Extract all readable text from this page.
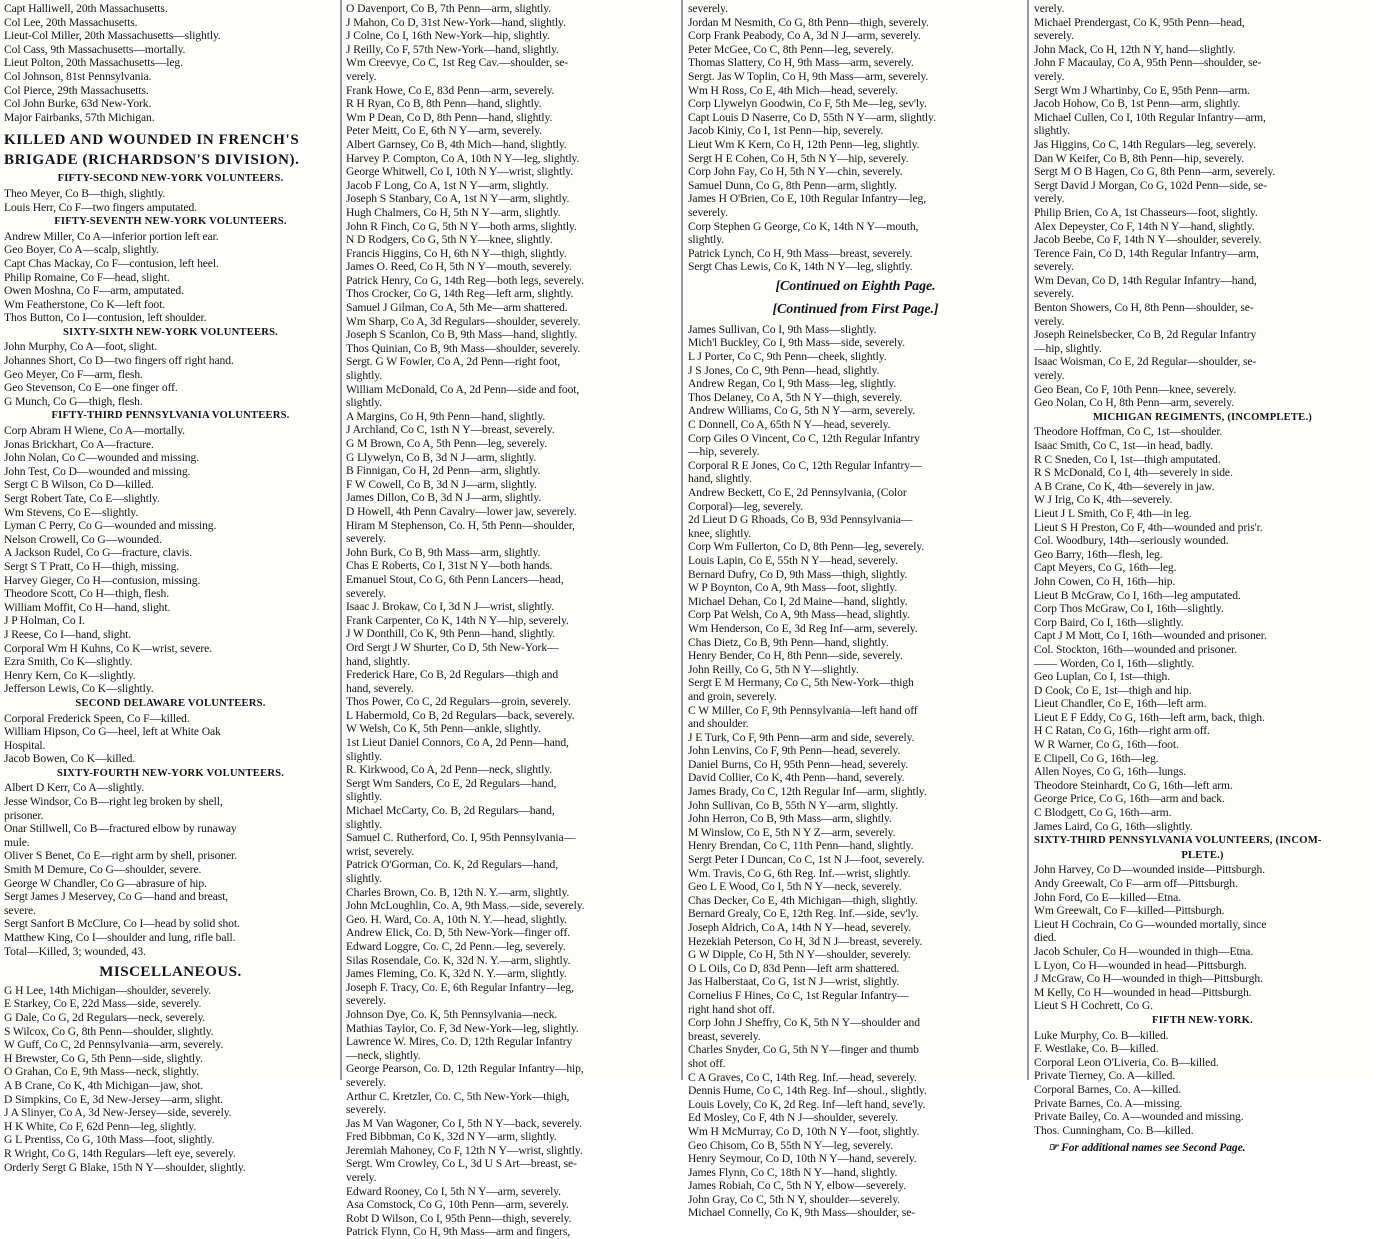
Capt Halliwell, 20th Massachusetts.
Col Lee, 20th Massachusetts.
Lieut-Col Miller, 20th Massachusetts—slightly.
Col Cass, 9th Massachusetts—mortally.
Lieut Polton, 20th Massachusetts—leg.
Col Johnson, 81st Pennsylvania.
Col Pierce, 29th Massachusetts.
Col John Burke, 63d New-York.
Major Fairbanks, 57th Michigan.
KILLED AND WOUNDED IN FRENCH'S
BRIGADE (RICHARDSON'S DIVISION).
FIFTY-SECOND NEW-YORK VOLUNTEERS.
Theo Meyer, Co B—thigh, slightly.
Louis Herr, Co F—two fingers amputated.
FIFTY-SEVENTH NEW-YORK VOLUNTEERS.
Andrew Miller, Co A—inferior portion left ear.
Geo Boyer, Co A—scalp, slightly.
Capt Chas Mackay, Co F—contusion, left heel.
Philip Romaine, Co F—head, slight.
Owen Moshna, Co F—arm, amputated.
Wm Featherstone, Co K—left foot.
Thos Button, Co I—contusion, left shoulder.
SIXTY-SIXTH NEW-YORK VOLUNTEERS.
John Murphy, Co A—foot, slight.
Johannes Short, Co D—two fingers off right hand.
Geo Meyer, Co F—arm, flesh.
Geo Stevenson, Co E—one finger off.
G Munch, Co G—thigh, flesh.
FIFTY-THIRD PENNSYLVANIA VOLUNTEERS.
Corp Abram H Wiene, Co A—mortally.
Jonas Brickhart, Co A—fracture.
John Nolan, Co C—wounded and missing.
John Test, Co D—wounded and missing.
Sergt C B Wilson, Co D—killed.
Sergt Robert Tate, Co E—slightly.
Wm Stevens, Co E—slightly.
Lyman C Perry, Co G—wounded and missing.
Nelson Crowell, Co G—wounded.
A Jackson Rudel, Co G—fracture, clavis.
Sergt S T Pratt, Co H—thigh, missing.
Harvey Gieger, Co H—contusion, missing.
Theodore Scott, Co H—thigh, flesh.
William Moffit, Co H—hand, slight.
J P Holman, Co I.
J Reese, Co I—hand, slight.
Corporal Wm H Kuhns, Co K—wrist, severe.
Ezra Smith, Co K—slightly.
Henry Kern, Co K—slightly.
Jefferson Lewis, Co K—slightly.
SECOND DELAWARE VOLUNTEERS.
Corporal Frederick Speen, Co F—killed.
William Hipson, Co G—heel, left at White Oak
Hospital.
Jacob Bowen, Co K—killed.
SIXTY-FOURTH NEW-YORK VOLUNTEERS.
Albert D Kerr, Co A—slightly.
Jesse Windsor, Co B—right leg broken by shell,
prisoner.
Onar Stillwell, Co B—fractured elbow by runaway
mule.
Oliver S Benet, Co E—right arm by shell, prisoner.
Smith M Demure, Co G—shoulder, severe.
George W Chandler, Co G—abrasure of hip.
Sergt James J Meservey, Co G—hand and breast,
severe.
Sergt Sanfort B McClure, Co I—head by solid shot.
Matthew King, Co I—shoulder and lung, rifle ball.
Total—Killed, 3; wounded, 43.
MISCELLANEOUS.
G H Lee, 14th Michigan—shoulder, severely.
E Starkey, Co E, 22d Mass—side, severely.
G Dale, Co G, 2d Regulars—neck, severely.
S Wilcox, Co G, 8th Penn—shoulder, slightly.
W Guff, Co C, 2d Pennsylvania—arm, severely.
H Brewster, Co G, 5th Penn—side, slightly.
O Grahan, Co E, 9th Mass—neck, slightly.
A B Crane, Co K, 4th Michigan—jaw, shot.
D Simpkins, Co E, 3d New-Jersey—arm, slight.
J A Slinyer, Co A, 3d New-Jersey—side, severely.
H K White, Co F, 62d Penn—leg, slightly.
G L Prentiss, Co G, 10th Mass—foot, slightly.
R Wright, Co G, 14th Regulars—left eye, severely.
Orderly Sergt G Blake, 15th N Y—shoulder, slightly.
O Davenport, Co B, 7th Penn—arm, slightly.
J Mahon, Co D, 31st New-York—hand, slightly.
J Colne, Co I, 16th New-York—hip, slightly.
J Reilly, Co F, 57th New-York—hand, slightly.
Wm Creevye, Co C, 1st Reg Cav.—shoulder, se-
verely.
Frank Howe, Co E, 83d Penn—arm, severely.
R H Ryan, Co B, 8th Penn—hand, slightly.
Wm P Dean, Co D, 8th Penn—hand, slightly.
Peter Meitt, Co E, 6th N Y—arm, severely.
Albert Garnsey, Co B, 4th Mich—hand, slightly.
Harvey P. Compton, Co A, 10th N Y—leg, slightly.
George Whitwell, Co I, 10th N Y—wrist, slightly.
Jacob F Long, Co A, 1st N Y—arm, slightly.
Joseph S Stanbary, Co A, 1st N Y—arm, slightly.
Hugh Chalmers, Co H, 5th N Y—arm, slightly.
John R Finch, Co G, 5th N Y—both arms, slightly.
N D Rodgers, Co G, 5th N Y—knee, slightly.
Francis Higgins, Co H, 6th N Y—thigh, slightly.
James O. Reed, Co H, 5th N Y—mouth, severely.
Patrick Henry, Co G, 14th Reg—both legs, severely.
Thos Crocker, Co G, 14th Reg—left arm, slightly.
Samuel J Gilman, Co A, 5th Me—arm shattered.
Wm Sharp, Co A, 3d Regulars—shoulder, severely.
Joseph S Scanlon, Co B, 9th Mass—hand, slightly.
Thos Quinian, Co B, 9th Mass—shoulder, severely.
Sergt. G W Fowler, Co A, 2d Penn—right foot,
slightly.
William McDonald, Co A, 2d Penn—side and foot,
slightly.
A Margins, Co H, 9th Penn—hand, slightly.
J Archland, Co C, 1sth N Y—breast, severely.
G M Brown, Co A, 5th Penn—leg, severely.
G Llywelyn, Co B, 3d N J—arm, slightly.
B Finnigan, Co H, 2d Penn—arm, slightly.
F W Cowell, Co B, 3d N J—arm, slightly.
James Dillon, Co B, 3d N J—arm, slightly.
D Howell, 4th Penn Cavalry—lower jaw, severely.
Hiram M Stephenson, Co. H, 5th Penn—shoulder,
severely.
John Burk, Co B, 9th Mass—arm, slightly.
Chas E Roberts, Co I, 31st N Y—both hands.
Emanuel Stout, Co G, 6th Penn Lancers—head,
severely.
Isaac J. Brokaw, Co I, 3d N J—wrist, slightly.
Frank Carpenter, Co K, 14th N Y—hip, severely.
J W Donthill, Co K, 9th Penn—hand, slightly.
Ord Sergt J W Shurter, Co D, 5th New-York—
hand, slightly.
Frederick Hare, Co B, 2d Regulars—thigh and
hand, severely.
Thos Power, Co C, 2d Regulars—groin, severely.
L Habermold, Co B, 2d Regulars—back, severely.
W Welsh, Co K, 5th Penn—ankle, slightly.
1st Lieut Daniel Connors, Co A, 2d Penn—hand,
slightly.
R. Kirkwood, Co A, 2d Penn—neck, slightly.
Sergt Wm Sanders, Co E, 2d Regulars—hand,
slightly.
Michael McCarty, Co. B, 2d Regulars—hand,
slightly.
Samuel C. Rutherford, Co. I, 95th Pennsylvania—
wrist, severely.
Patrick O'Gorman, Co. K, 2d Regulars—hand,
slightly.
Charles Brown, Co. B, 12th N. Y.—arm, slightly.
John McLoughlin, Co. A, 9th Mass.—side, severely.
Geo. H. Ward, Co. A, 10th N. Y.—head, slightly.
Andrew Elick, Co. D, 5th New-York—finger off.
Edward Loggre, Co. C, 2d Penn.—leg, severely.
Silas Rosendale, Co. K, 32d N. Y.—arm, slightly.
James Fleming, Co. K, 32d N. Y.—arm, slightly.
Joseph F. Tracy, Co. E, 6th Regular Infantry—leg,
severely.
Johnson Dye, Co. K, 5th Pennsylvania—neck.
Mathias Taylor, Co. F, 3d New-York—leg, slightly.
Lawrence W. Mires, Co. D, 12th Regular Infantry
—neck, slightly.
George Pearson, Co. D, 12th Regular Infantry—hip,
severely.
Arthur C. Kretzler, Co. C, 5th New-York—thigh,
severely.
Jas M Van Wagoner, Co I, 5th N Y—back, severely.
Fred Bibbman, Co K, 32d N Y—arm, slightly.
Jeremiah Mahoney, Co F, 12th N Y—wrist, slightly.
Sergt. Wm Crowley, Co L, 3d U S Art—breast, se-
verely.
Edward Rooney, Co I, 5th N Y—arm, severely.
Asa Comstock, Co G, 10th Penn—arm, severely.
Robt D Wilson, Co I, 95th Penn—thigh, severely.
Patrick Flynn, Co H, 9th Mass—arm and fingers,
severely.
Jordan M Nesmith, Co G, 8th Penn—thigh, severely.
Corp Frank Peabody, Co A, 3d N J—arm, severely.
Peter McGee, Co C, 8th Penn—leg, severely.
Thomas Slattery, Co H, 9th Mass—arm, severely.
Sergt. Jas W Toplin, Co H, 9th Mass—arm, severely.
Wm H Ross, Co E, 4th Mich—head, severely.
Corp Llywelyn Goodwin, Co F, 5th Me—leg, sev'ly.
Capt Louis D Naserre, Co D, 55th N Y—arm, slightly.
Jacob Kiniy, Co I, 1st Penn—hip, severely.
Lieut Wm K Kern, Co H, 12th Penn—leg, slightly.
Sergt H E Cohen, Co H, 5th N Y—hip, severely.
Corp John Fay, Co H, 5th N Y—chin, severely.
Samuel Dunn, Co G, 8th Penn—arm, slightly.
James H O'Brien, Co E, 10th Regular Infantry—leg,
severely.
Corp Stephen G George, Co K, 14th N Y—mouth,
slightly.
Patrick Lynch, Co H, 9th Mass—breast, severely.
Sergt Chas Lewis, Co K, 14th N Y—leg, slightly.
[Continued on Eighth Page.
[Continued from First Page.]
James Sullivan, Co I, 9th Mass—slightly.
Mich'l Buckley, Co I, 9th Mass—side, severely.
L J Porter, Co C, 9th Penn—cheek, slightly.
J S Jones, Co C, 9th Penn—head, slightly.
Andrew Regan, Co I, 9th Mass—leg, slightly.
Thos Delaney, Co A, 5th N Y—thigh, severely.
Andrew Williams, Co G, 5th N Y—arm, severely.
C Donnell, Co A, 65th N Y—head, severely.
Corp Giles O Vincent, Co C, 12th Regular Infantry
—hip, severely.
Corporal R E Jones, Co C, 12th Regular Infantry—
hand, slightly.
Andrew Beckett, Co E, 2d Pennsylvania, (Color
Corporal)—leg, severely.
2d Lieut D G Rhoads, Co B, 93d Pennsylvania—
knee, slightly.
Corp Wm Fullerton, Co D, 8th Penn—leg, severely.
Louis Lapin, Co E, 55th N Y—head, severely.
Bernard Dufry, Co D, 9th Mass—thigh, slightly.
W P Boynton, Co A, 9th Mass—foot, slightly.
Michael Dehan, Co I, 2d Maine—hand, slightly.
Corp Pat Welsh, Co A, 9th Mass—head, slightly.
Wm Henderson, Co E, 3d Reg Inf—arm, severely.
Chas Dietz, Co B, 9th Penn—hand, slightly.
Henry Bender, Co H, 8th Penn—side, severely.
John Reilly, Co G, 5th N Y—slightly.
Sergt E M Hermany, Co C, 5th New-York—thigh
and groin, severely.
C W Miller, Co F, 9th Pennsylvania—left hand off
and shoulder.
J E Turk, Co F, 9th Penn—arm and side, severely.
John Lenvins, Co F, 9th Penn—head, severely.
Daniel Burns, Co H, 95th Penn—head, severely.
David Collier, Co K, 4th Penn—hand, severely.
James Brady, Co C, 12th Regular Inf—arm, slightly.
John Sullivan, Co B, 55th N Y—arm, slightly.
John Herron, Co B, 9th Mass—arm, slightly.
M Winslow, Co E, 5th N Y Z—arm, severely.
Henry Brendan, Co C, 11th Penn—hand, slightly.
Sergt Peter I Duncan, Co C, 1st N J—foot, severely.
Wm. Travis, Co G, 6th Reg. Inf.—wrist, slightly.
Geo L E Wood, Co I, 5th N Y—neck, severely.
Chas Decker, Co E, 4th Michigan—thigh, slightly.
Bernard Grealy, Co E, 12th Reg. Inf.—side, sev'ly.
Joseph Aldrich, Co A, 14th N Y—head, severely.
Hezekiah Peterson, Co H, 3d N J—breast, severely.
G W Dipple, Co H, 5th N Y—shoulder, severely.
O L Oils, Co D, 83d Penn—left arm shattered.
Jas Halberstaat, Co G, 1st N J—wrist, slightly.
Cornelius F Hines, Co C, 1st Regular Infantry—
right hand shot off.
Corp John J Sheffry, Co K, 5th N Y—shoulder and
breast, severely.
Charles Snyder, Co G, 5th N Y—finger and thumb
shot off.
C A Graves, Co C, 14th Reg. Inf.—head, severely.
Dennis Hume, Co C, 14th Reg. Inf—shoul., slightly.
Louis Lovely, Co K, 2d Reg. Inf—left hand, seve'ly.
Ed Mosley, Co F, 4th N J—shoulder, severely.
Wm H McMurray, Co D, 10th N Y—foot, slightly.
Geo Chisom, Co B, 55th N Y—leg, severely.
Henry Seymour, Co D, 10th N Y—hand, severely.
James Flynn, Co C, 18th N Y—hand, slightly.
James Robiah, Co C, 5th N Y, elbow—severely.
John Gray, Co C, 5th N Y, shoulder—severely.
Michael Connelly, Co K, 9th Mass—shoulder, se-
verely.
Michael Prendergast, Co K, 95th Penn—head,
severely.
John Mack, Co H, 12th N Y, hand—slightly.
John F Macaulay, Co A, 95th Penn—shoulder, se-
verely.
Sergt Wm J Whartinby, Co E, 95th Penn—arm.
Jacob Hohow, Co B, 1st Penn—arm, slightly.
Michael Cullen, Co I, 10th Regular Infantry—arm,
slightly.
Jas Higgins, Co C, 14th Regulars—leg, severely.
Dan W Keifer, Co B, 8th Penn—hip, severely.
Sergt M O B Hagen, Co G, 8th Penn—arm, severely.
Sergt David J Morgan, Co G, 102d Penn—side, se-
verely.
Philip Brien, Co A, 1st Chasseurs—foot, slightly.
Alex Depeyster, Co F, 14th N Y—hand, slightly.
Jacob Beebe, Co F, 14th N Y—shoulder, severely.
Terence Fain, Co D, 14th Regular Infantry—arm,
severely.
Wm Devan, Co D, 14th Regular Infantry—hand,
severely.
Benton Showers, Co H, 8th Penn—shoulder, se-
verely.
Joseph Reinelsbecker, Co B, 2d Regular Infantry
—hip, slightly.
Isaac Woisman, Co E, 2d Regular—shoulder, se-
verely.
Geo Bean, Co F, 10th Penn—knee, severely.
Geo Nolan, Co H, 8th Penn—arm, severely.
MICHIGAN REGIMENTS, (INCOMPLETE.)
Theodore Hoffman, Co C, 1st—shoulder.
Isaac Smith, Co C, 1st—in head, badly.
R C Sneden, Co I, 1st—thigh amputated.
R S McDonald, Co I, 4th—severely in side.
A B Crane, Co K, 4th—severely in jaw.
W J Irig, Co K, 4th—severely.
Lieut J L Smith, Co F, 4th—in leg.
Lieut S H Preston, Co F, 4th—wounded and pris'r.
Col. Woodbury, 14th—seriously wounded.
Geo Barry, 16th—flesh, leg.
Capt Meyers, Co G, 16th—leg.
John Cowen, Co H, 16th—hip.
Lieut B McGraw, Co I, 16th—leg amputated.
Corp Thos McGraw, Co I, 16th—slightly.
Corp Baird, Co I, 16th—slightly.
Capt J M Mott, Co I, 16th—wounded and prisoner.
Col. Stockton, 16th—wounded and prisoner.
—— Worden, Co I, 16th—slightly.
Geo Luplan, Co I, 1st—thigh.
D Cook, Co E, 1st—thigh and hip.
Lieut Chandler, Co E, 16th—left arm.
Lieut E F Eddy, Co G, 16th—left arm, back, thigh.
H C Ratan, Co G, 16th—right arm off.
W R Warner, Co G, 16th—foot.
E Clipell, Co G, 16th—leg.
Allen Noyes, Co G, 16th—lungs.
Theodore Steinhardt, Co G, 16th—left arm.
George Price, Co G, 16th—arm and back.
C Blodgett, Co G, 16th—arm.
James Laird, Co G, 16th—slightly.
SIXTY-THIRD PENNSYLVANIA VOLUNTEERS, (INCOM-
PLETE.)
John Harvey, Co D—wounded inside—Pittsburgh.
Andy Greewalt, Co F—arm off—Pittsburgh.
John Ford, Co E—killed—Etna.
Wm Greewalt, Co F—killed—Pittsburgh.
Lieut H Cochrain, Co G—wounded mortally, since
died.
Jacob Schuler, Co H—wounded in thigh—Etna.
L Lyon, Co H—wounded in head—Pittsburgh.
J McGraw, Co H—wounded in thigh—Pittsburgh.
M Kelly, Co H—wounded in head—Pittsburgh.
Lieut S H Cochrett, Co G.
FIFTH NEW-YORK.
Luke Murphy, Co. B—killed.
F. Westlake, Co. B—killed.
Corporal Leon O'Liveria, Co. B—killed.
Private Tierney, Co. A—killed.
Corporal Barnes, Co. A—killed.
Private Barnes, Co. A—missing.
Private Bailey, Co. A—wounded and missing.
Thos. Cunningham, Co. B—killed.
☞ For additional names see Second Page.
